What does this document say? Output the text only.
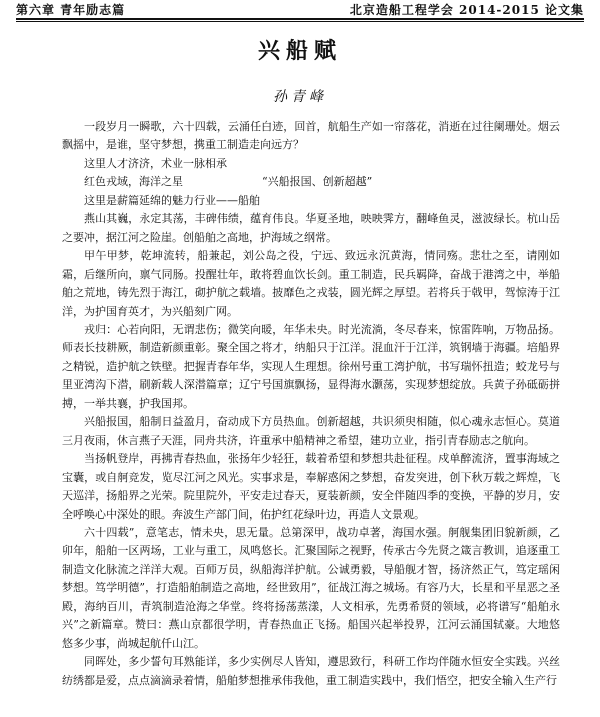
第六章 青年励志篇	北京造船工程学会 2014-2015 论文集
兴船赋
孙青峰

一段岁月一瞬歌，六十四载，云涌任白迹，回首，航船生产如一帘落花，消逝在过往阑珊处。烟云飘摇中，是谁，坚守梦想，携重工制造走向远方？

这里人才济济，术业一脉相承

红色戎域，海洋之星	“兴船报国、创新超越”

这里是薪篇延绵的魅力行业——船舶

燕山其巍，永定其荡，丰碑伟绩，蕴育伟良。华夏圣地，映映霁方，翻峰鱼灵，滋波绿长。杭山岳之要冲，据江河之险崖。创船舶之高地，护海域之纲常。

甲午甲梦，乾坤流转，船兼起，刘公岛之役，宁远、致远永沉黄海，情同殇。悲壮之至，请刚如霜，后继所向，禀气同肠。投醒壮年，敢将碧血饮长剑。重工制造，民兵羁降，奋战于港湾之中，举船舶之荒地，铸先烈于海江，砌护航之载墙。披靡色之戎装，圆光辉之厚望。若将兵于戟甲，驾惊涛于江洋，为护国育英才，为兴船刻广网。

戎归：心若向阳，无谓悲伤；微笑向暖，年华未央。时光流淌，冬尽春来，惊雷阵响，万物品扬。师表长技耕厥，制造新颜重彰。聚全国之将才，纳船只于江洋。混血汗于江洋，筑钢墙于海疆。培船界之精锐，造护航之铁壁。把握青春年华，实现人生理想。徐州号重工湾护航，书写瑞怀扭造；蛟龙号与里亚湾沟下潜，刷新载人深潜篇章；辽宁号国旗飘扬，显得海水灏荡，实现梦想绽放。兵黄子孙砥砺拼搏，一举共襄，护我国邦。

兴船报国，船制日益盈月，奋动成下方员热血。创新超越，共识须臾相随，似心魂永志恒心。莫道三月夜雨，休言燕子天涯，同舟共济，许重承中船精神之希望，建功立业，指引青春励志之航向。

当扬帆登岸，再拂青春热血，张扬年少轻狂，载着希望和梦想共赴征程。戍单醉流济，置事海域之宝囊，或自舸竞发，览尽江河之风光。实事求是，奉解惑闲之梦想，奋发突进，创下秋万载之辉煌，飞天巡洋，扬船界之光荣。院里院外，平安走过春天，夏装新颜，安全伴随四季的变换，平静的岁月，安全呼唤心中深处的眼。奔波生产部门间，佑护红花绿叶边，再造人文景观。

六十四载”，意笔志，情未央，思无量。总第深甲，战功卓著，海国水强。舸舰集团旧貌新颜，乙卯年，船舶一区两场，工业与重工，凤鸣悠长。汇聚国际之视野，传承古今先贤之箴言教训，追逐重工制造文化脉流之洋洋大观。百师万员，纵船海洋护航。公诚勇毅，导船舰才智，扬济然正气，笃定瑶闲梦想。笃学明德”，打造船舶制造之高地，经世致用”，征战江海之城场。有容乃大，长星和平星恶之圣殿，海纳百川，青筑制造沧海之华堂。终将扬荡蒸漾，人文相承，先勇希贤的领域，必将谱写“船舶永兴”之新篇章。赞曰：燕山京都很学明，青春热血正飞扬。船国兴起举投界，江河云涌国轼豪。大地悠悠多少事，尚城起航仟山江。

同晖处，多少誓句耳熟能详，多少实例尽人皆知，遵思致行，科研工作均伴随水恒安全实践。兴丝纺绣都是爱，点点滴滴录着情，船舶梦想推承伟我他，重工制造实践中，我们悟空，把安全输入生产行
